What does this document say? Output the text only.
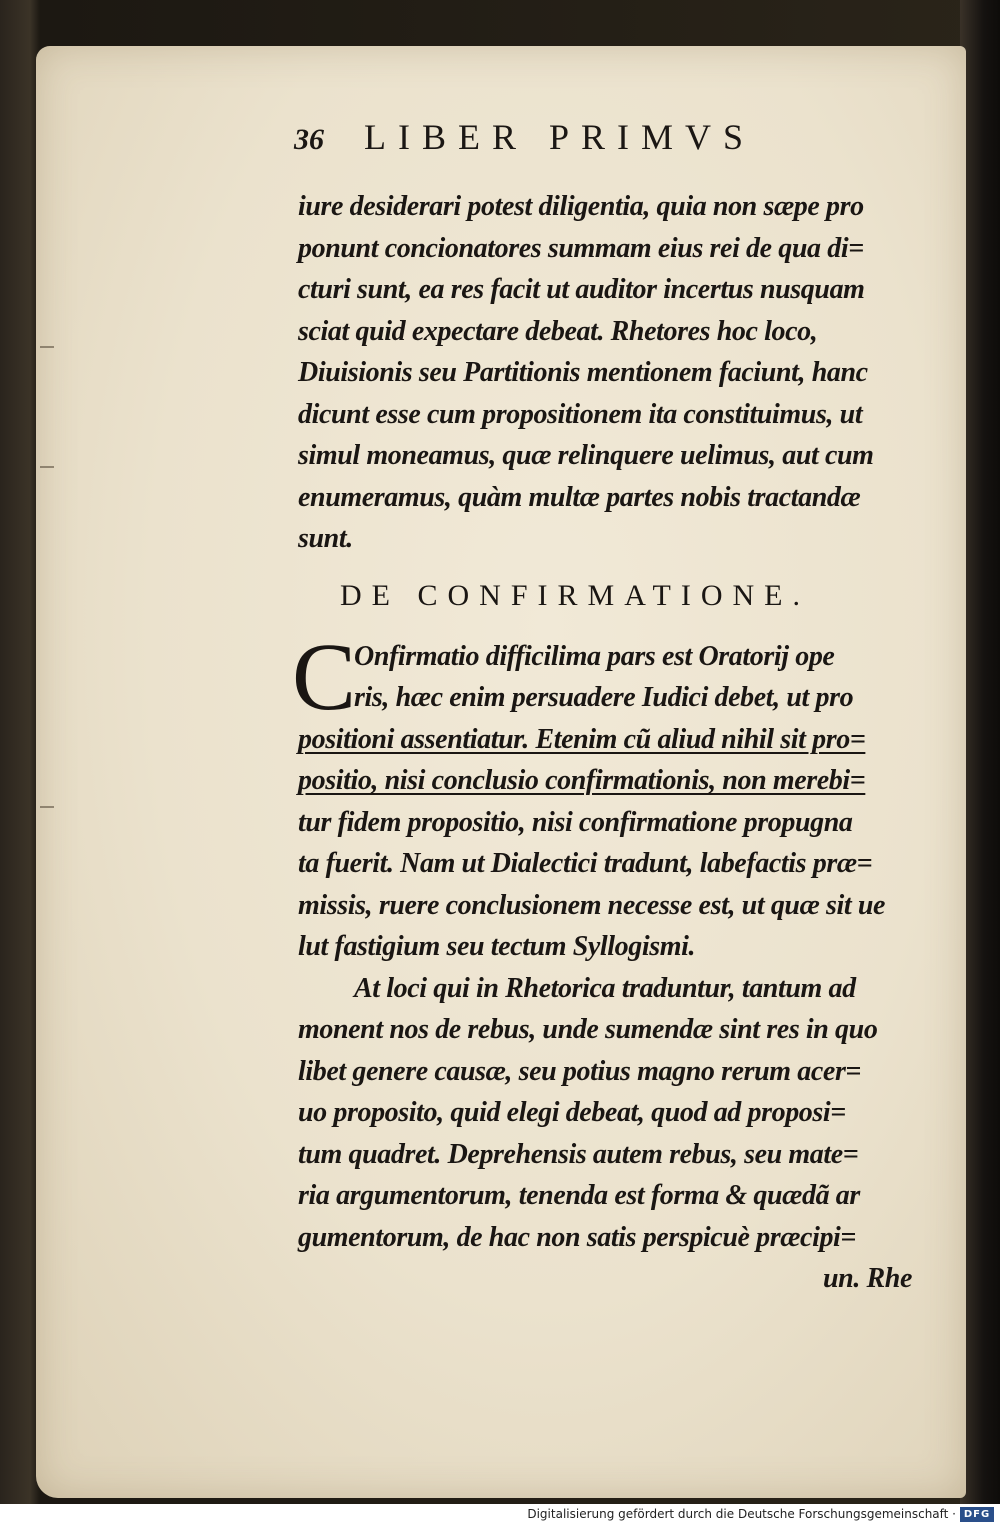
36	LIBER PRIMVS
iure desiderari potest diligentia, quia non sæpe pro
ponunt concionatores summam eius rei de qua di=
cturi sunt, ea res facit ut auditor incertus nusquam
sciat quid expectare debeat. Rhetores hoc loco,
Diuisionis seu Partitionis mentionem faciunt, hanc
dicunt esse cum propositionem ita constituimus, ut
simul moneamus, quæ relinquere uelimus, aut cum
enumeramus, quàm multæ partes nobis tractandæ
sunt.
DE CONFIRMATIONE.
C
Onfirmatio difficilima pars est Oratorij ope
ris, hæc enim persuadere Iudici debet, ut pro
positioni assentiatur. Etenim cũ aliud nihil sit pro=
positio, nisi conclusio confirmationis, non merebi=
tur fidem propositio, nisi confirmatione propugna
ta fuerit. Nam ut Dialectici tradunt, labefactis præ=
missis, ruere conclusionem necesse est, ut quæ sit ue
lut fastigium seu tectum Syllogismi.
At loci qui in Rhetorica traduntur, tantum ad
monent nos de rebus, unde sumendæ sint res in quo
libet genere causæ, seu potius magno rerum acer=
uo proposito, quid elegi debeat, quod ad proposi=
tum quadret. Deprehensis autem rebus, seu mate=
ria argumentorum, tenenda est forma & quædã ar
gumentorum, de hac non satis perspicuè præcipi=
un. Rhe
Digitalisierung gefördert durch die Deutsche Forschungsgemeinschaft · DFG
